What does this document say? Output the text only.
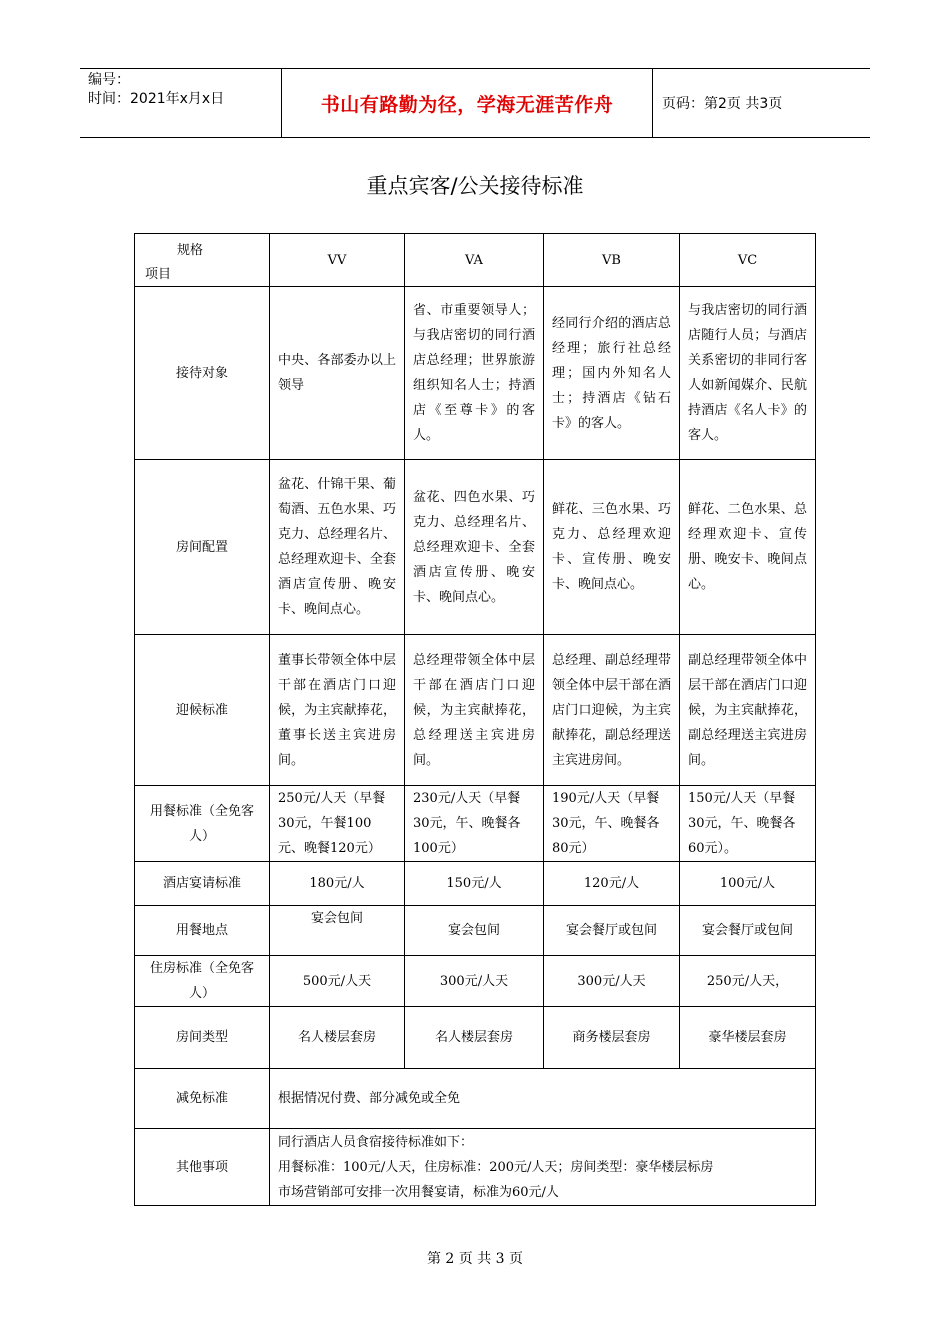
编号：
时间：2021年x月x日	书山有路勤为径，学海无涯苦作舟	页码：第2页 共3页
重点宾客/公关接待标准
规格
项目	VV	VA	VB	VC
接待对象	中央、各部委办以上领导	省、市重要领导人；与我店密切的同行酒店总经理；世界旅游组织知名人士；持酒店《至尊卡》的客人。	经同行介绍的酒店总经理；旅行社总经理；国内外知名人士；持酒店《钻石卡》的客人。	与我店密切的同行酒店随行人员；与酒店关系密切的非同行客人如新闻媒介、民航持酒店《名人卡》的客人。
房间配置	盆花、什锦干果、葡萄酒、五色水果、巧克力、总经理名片、总经理欢迎卡、全套酒店宣传册、晚安卡、晚间点心。	盆花、四色水果、巧克力、总经理名片、总经理欢迎卡、全套酒店宣传册、晚安卡、晚间点心。	鲜花、三色水果、巧克力、总经理欢迎卡、宣传册、晚安卡、晚间点心。	鲜花、二色水果、总经理欢迎卡、宣传册、晚安卡、晚间点心。
迎候标准	董事长带领全体中层干部在酒店门口迎候，为主宾献捧花，董事长送主宾进房间。	总经理带领全体中层干部在酒店门口迎候，为主宾献捧花，总经理送主宾进房间。	总经理、副总经理带领全体中层干部在酒店门口迎候，为主宾献捧花，副总经理送主宾进房间。	副总经理带领全体中层干部在酒店门口迎候，为主宾献捧花，副总经理送主宾进房间。
用餐标准（全免客人）	250元/人天（早餐30元，午餐100元、晚餐120元）	230元/人天（早餐30元，午、晚餐各100元）	190元/人天（早餐30元，午、晚餐各80元）	150元/人天（早餐30元，午、晚餐各60元）。
酒店宴请标准	180元/人	150元/人	120元/人	100元/人
用餐地点	宴会包间	宴会包间	宴会餐厅或包间	宴会餐厅或包间
住房标准（全免客人）	500元/人天	300元/人天	300元/人天	250元/人天，
房间类型	名人楼层套房	名人楼层套房	商务楼层套房	豪华楼层套房
减免标准	根据情况付费、部分减免或全免			
其他事项	同行酒店人员食宿接待标准如下：
用餐标准：100元/人天，住房标准：200元/人天；房间类型：豪华楼层标房
市场营销部可安排一次用餐宴请，标准为60元/人			
第 2 页 共 3 页
